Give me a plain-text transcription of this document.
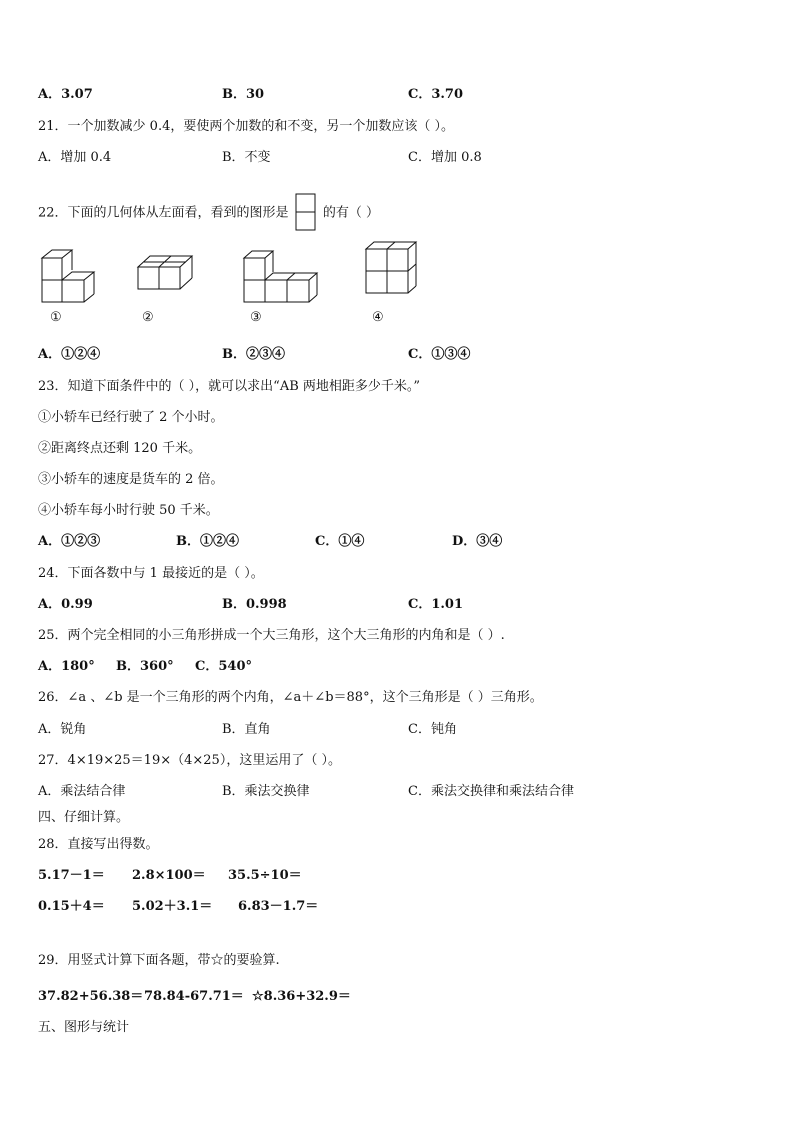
A．3.07	B．30	C．3.70
21．一个加数减少 0.4，要使两个加数的和不变，另一个加数应该（ ）。
A．增加 0.4	B．不变	C．增加 0.8
22．下面的几何体从左面看，看到的图形是	的有（ ）
①	②	③	④
A．①②④	B．②③④	C．①③④
23．知道下面条件中的（ ），就可以求出“AB 两地相距多少千米。”
①小轿车已经行驶了 2 个小时。
②距离终点还剩 120 千米。
③小轿车的速度是货车的 2 倍。
④小轿车每小时行驶 50 千米。
A．①②③	B．①②④	C．①④	D．③④
24．下面各数中与 1 最接近的是（ ）。
A．0.99	B．0.998	C．1.01
25．两个完全相同的小三角形拼成一个大三角形，这个大三角形的内角和是（ ）.
A．180° B．360° C．540°
26．∠a 、∠b 是一个三角形的两个内角，∠a＋∠b＝88°，这个三角形是（ ）三角形。
A．锐角	B．直角	C．钝角
27．4×19×25＝19×（4×25），这里运用了（ ）。
A．乘法结合律	B．乘法交换律	C．乘法交换律和乘法结合律
四、仔细计算。
28．直接写出得数。
5.17－1＝ 2.8×100＝ 35.5÷10＝
0.15＋4＝ 5.02＋3.1＝ 6.83－1.7＝
29．用竖式计算下面各题，带☆的要验算.
37.82+56.38＝ 78.84-67.71＝ ☆8.36+32.9＝
五、图形与统计
